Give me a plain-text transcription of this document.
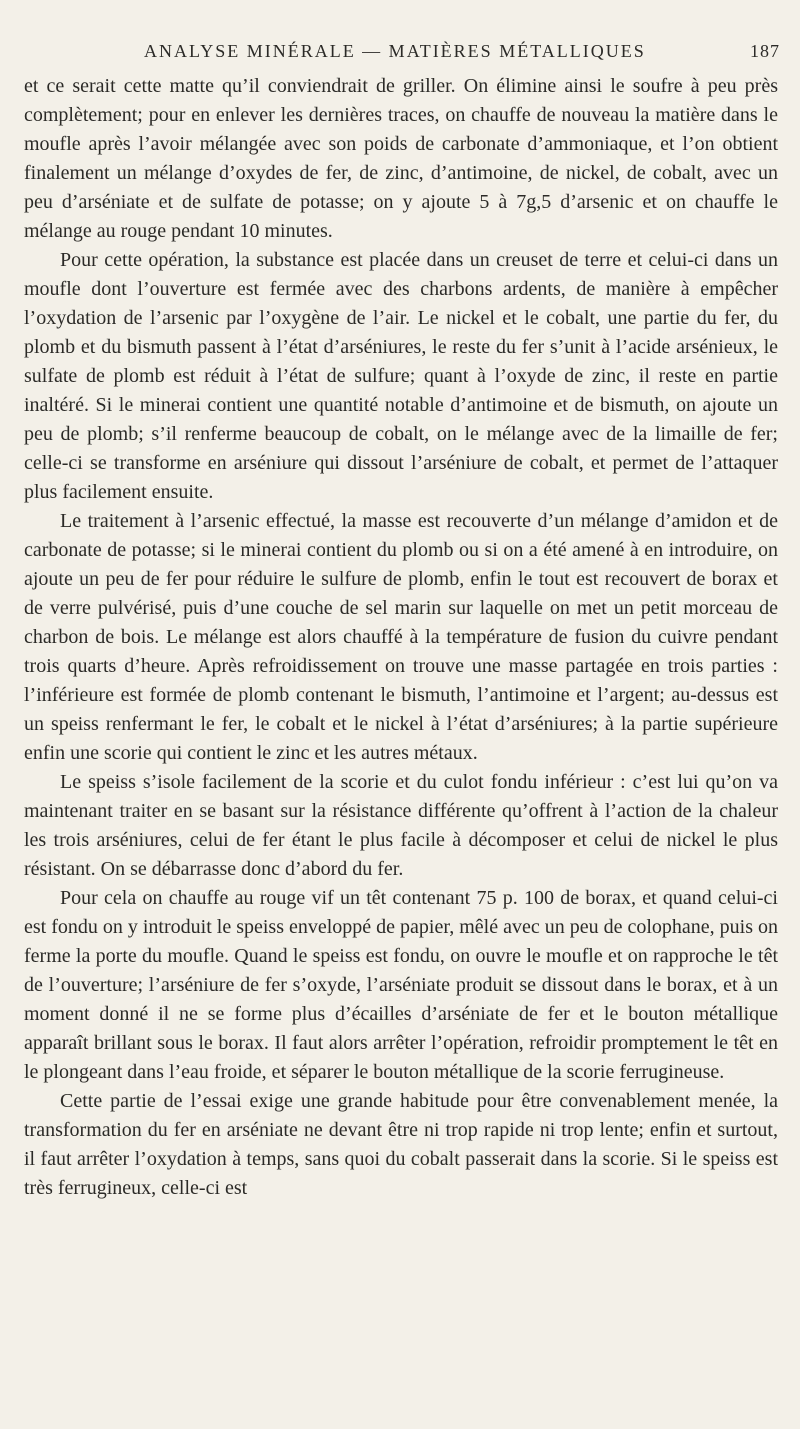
ANALYSE MINÉRALE — MATIÈRES MÉTALLIQUES	187

et ce serait cette matte qu’il conviendrait de griller. On élimine ainsi le soufre à peu près complètement; pour en enlever les dernières traces, on chauffe de nouveau la matière dans le moufle après l’avoir mélangée avec son poids de carbonate d’ammoniaque, et l’on obtient finalement un mélange d’oxydes de fer, de zinc, d’antimoine, de nickel, de cobalt, avec un peu d’arséniate et de sulfate de potasse; on y ajoute 5 à 7g,5 d’arsenic et on chauffe le mélange au rouge pendant 10 minutes.

Pour cette opération, la substance est placée dans un creuset de terre et celui-ci dans un moufle dont l’ouverture est fermée avec des charbons ardents, de manière à empêcher l’oxydation de l’arsenic par l’oxygène de l’air. Le nickel et le cobalt, une partie du fer, du plomb et du bismuth passent à l’état d’arséniures, le reste du fer s’unit à l’acide arsénieux, le sulfate de plomb est réduit à l’état de sulfure; quant à l’oxyde de zinc, il reste en partie inaltéré. Si le minerai contient une quantité notable d’antimoine et de bismuth, on ajoute un peu de plomb; s’il renferme beaucoup de cobalt, on le mélange avec de la limaille de fer; celle-ci se transforme en arséniure qui dissout l’arséniure de cobalt, et permet de l’attaquer plus facilement ensuite.

Le traitement à l’arsenic effectué, la masse est recouverte d’un mélange d’amidon et de carbonate de potasse; si le minerai contient du plomb ou si on a été amené à en introduire, on ajoute un peu de fer pour réduire le sulfure de plomb, enfin le tout est recouvert de borax et de verre pulvérisé, puis d’une couche de sel marin sur laquelle on met un petit morceau de charbon de bois. Le mélange est alors chauffé à la température de fusion du cuivre pendant trois quarts d’heure. Après refroidissement on trouve une masse partagée en trois parties : l’inférieure est formée de plomb contenant le bismuth, l’antimoine et l’argent; au-dessus est un speiss renfermant le fer, le cobalt et le nickel à l’état d’arséniures; à la partie supérieure enfin une scorie qui contient le zinc et les autres métaux.

Le speiss s’isole facilement de la scorie et du culot fondu inférieur : c’est lui qu’on va maintenant traiter en se basant sur la résistance différente qu’offrent à l’action de la chaleur les trois arséniures, celui de fer étant le plus facile à décomposer et celui de nickel le plus résistant. On se débarrasse donc d’abord du fer.

Pour cela on chauffe au rouge vif un têt contenant 75 p. 100 de borax, et quand celui-ci est fondu on y introduit le speiss enveloppé de papier, mêlé avec un peu de colophane, puis on ferme la porte du moufle. Quand le speiss est fondu, on ouvre le moufle et on rapproche le têt de l’ouverture; l’arséniure de fer s’oxyde, l’arséniate produit se dissout dans le borax, et à un moment donné il ne se forme plus d’écailles d’arséniate de fer et le bouton métallique apparaît brillant sous le borax. Il faut alors arrêter l’opération, refroidir promptement le têt en le plongeant dans l’eau froide, et séparer le bouton métallique de la scorie ferrugineuse.

Cette partie de l’essai exige une grande habitude pour être convenablement menée, la transformation du fer en arséniate ne devant être ni trop rapide ni trop lente; enfin et surtout, il faut arrêter l’oxydation à temps, sans quoi du cobalt passerait dans la scorie. Si le speiss est très ferrugineux, celle-ci est
